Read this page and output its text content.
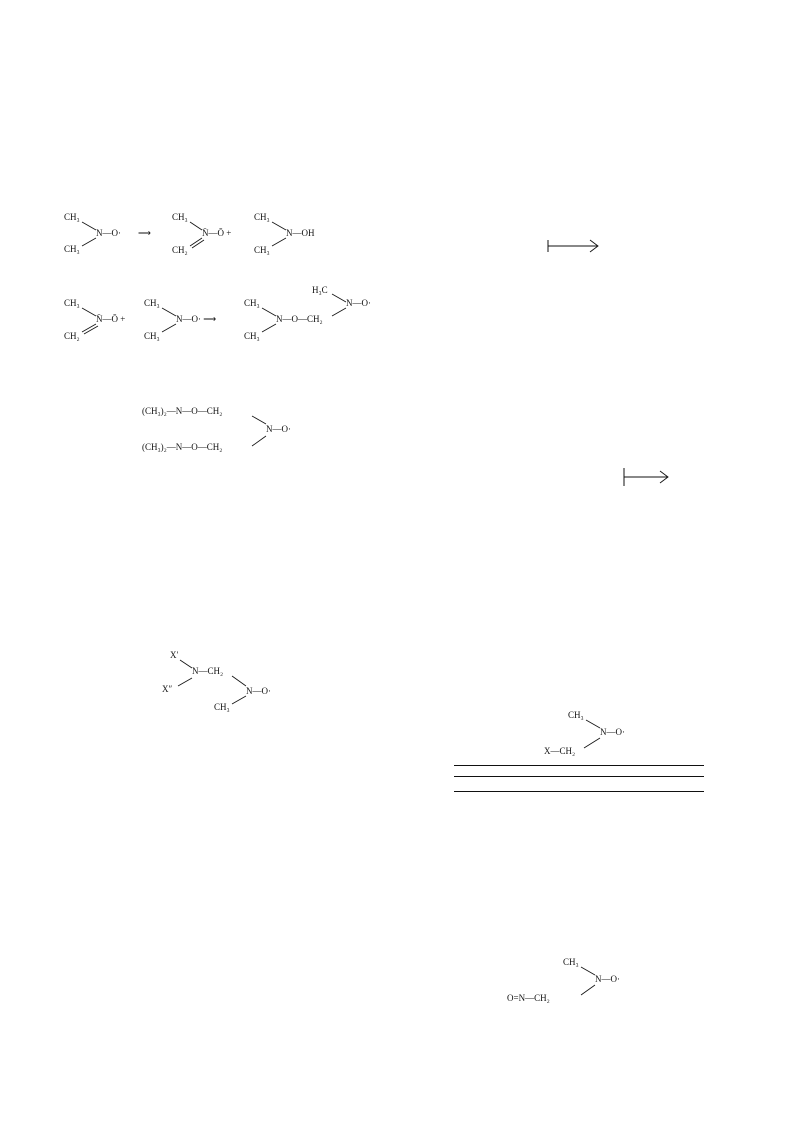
CH₃
N—O·
CH₃
⟶
CH₃
N̈—Ō +
CH₂
CH₃
N—OH
CH₃
CH₃
N̈—Ō +
CH₂
CH₃
N—O· ⟶
CH₃
CH₃
N—O—CH₂
CH₃
H₃C
N—O·

(CH₃)₂—N—O—CH₂
N—O·
(CH₃)₂—N—O—CH₂

X′
N—CH₂
X″	N—O·
CH₃

CH₃
N—O·
X—CH₂

CH₃
N—O·
O=N—CH₂
